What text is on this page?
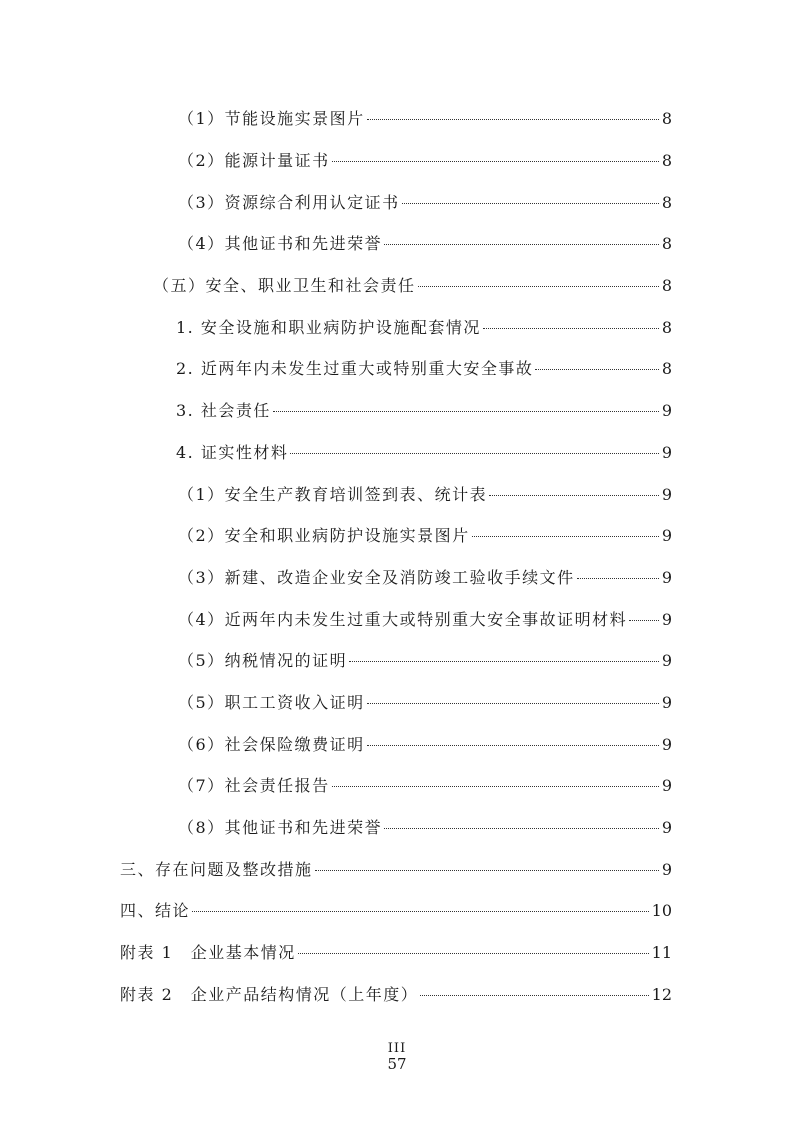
（1）节能设施实景图片	8
（2）能源计量证书	8
（3）资源综合利用认定证书	8
（4）其他证书和先进荣誉	8
（五）安全、职业卫生和社会责任	8
1. 安全设施和职业病防护设施配套情况	8
2. 近两年内未发生过重大或特别重大安全事故	8
3. 社会责任	9
4. 证实性材料	9
（1）安全生产教育培训签到表、统计表	9
（2）安全和职业病防护设施实景图片	9
（3）新建、改造企业安全及消防竣工验收手续文件	9
（4）近两年内未发生过重大或特别重大安全事故证明材料 9
（5）纳税情况的证明	9
（5）职工工资收入证明	9
（6）社会保险缴费证明	9
（7）社会责任报告	9
（8）其他证书和先进荣誉	9
三、存在问题及整改措施	9
四、结论	10
附表 1　企业基本情况	11
附表 2　企业产品结构情况（上年度）	12
III
57
